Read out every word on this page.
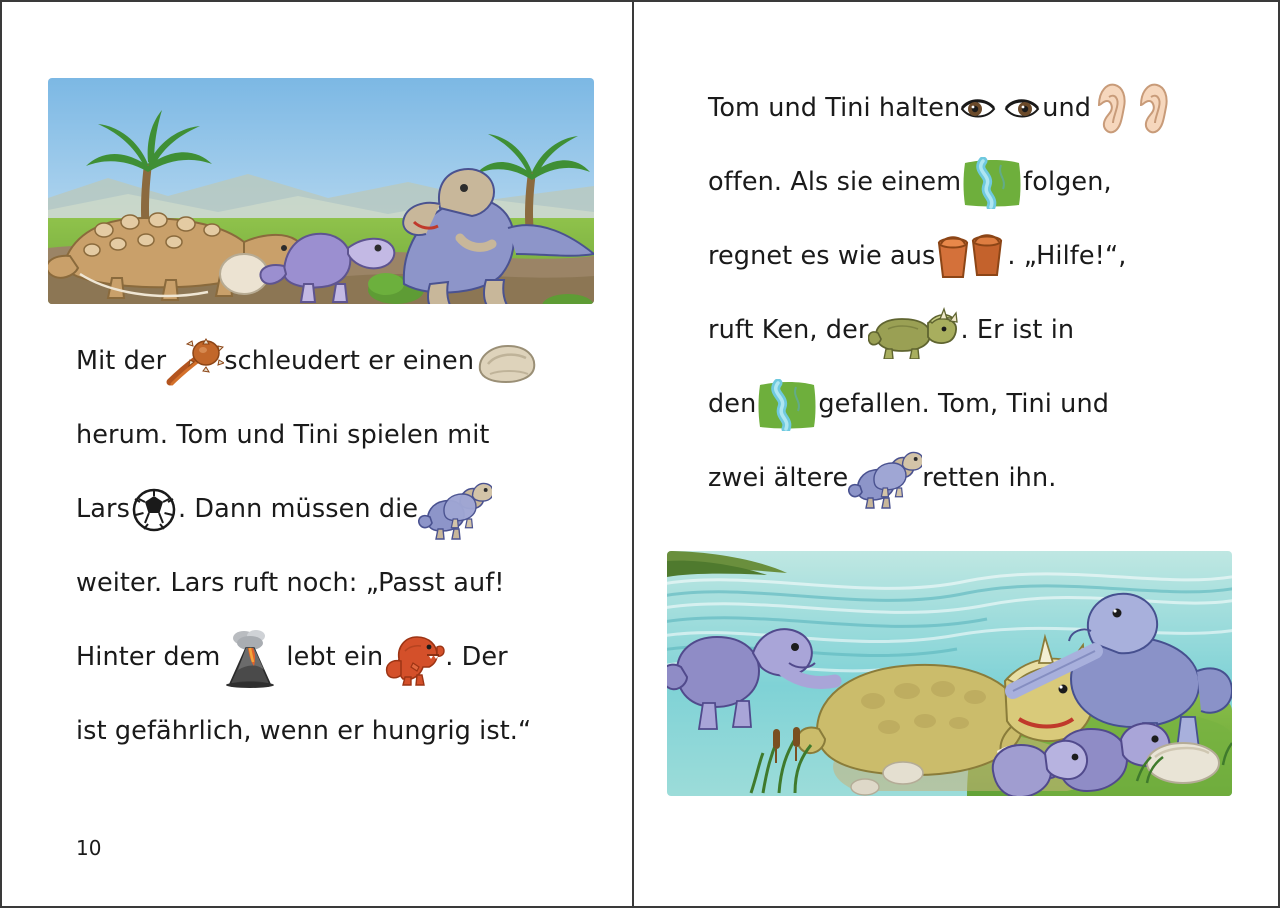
Mit der schleudert er einen
herum. Tom und Tini spielen mit
Lars . Dann müssen die
weiter. Lars ruft noch: „Passt auf!
Hinter dem	lebt ein . Der
ist gefährlich, wenn er hungrig ist.“
10
Tom und Tini halten	und
offen. Als sie einem folgen,
regnet es wie aus	. „Hilfe!“,
ruft Ken, der	. Er ist in
den gefallen. Tom, Tini und
zwei ältere	retten ihn.
